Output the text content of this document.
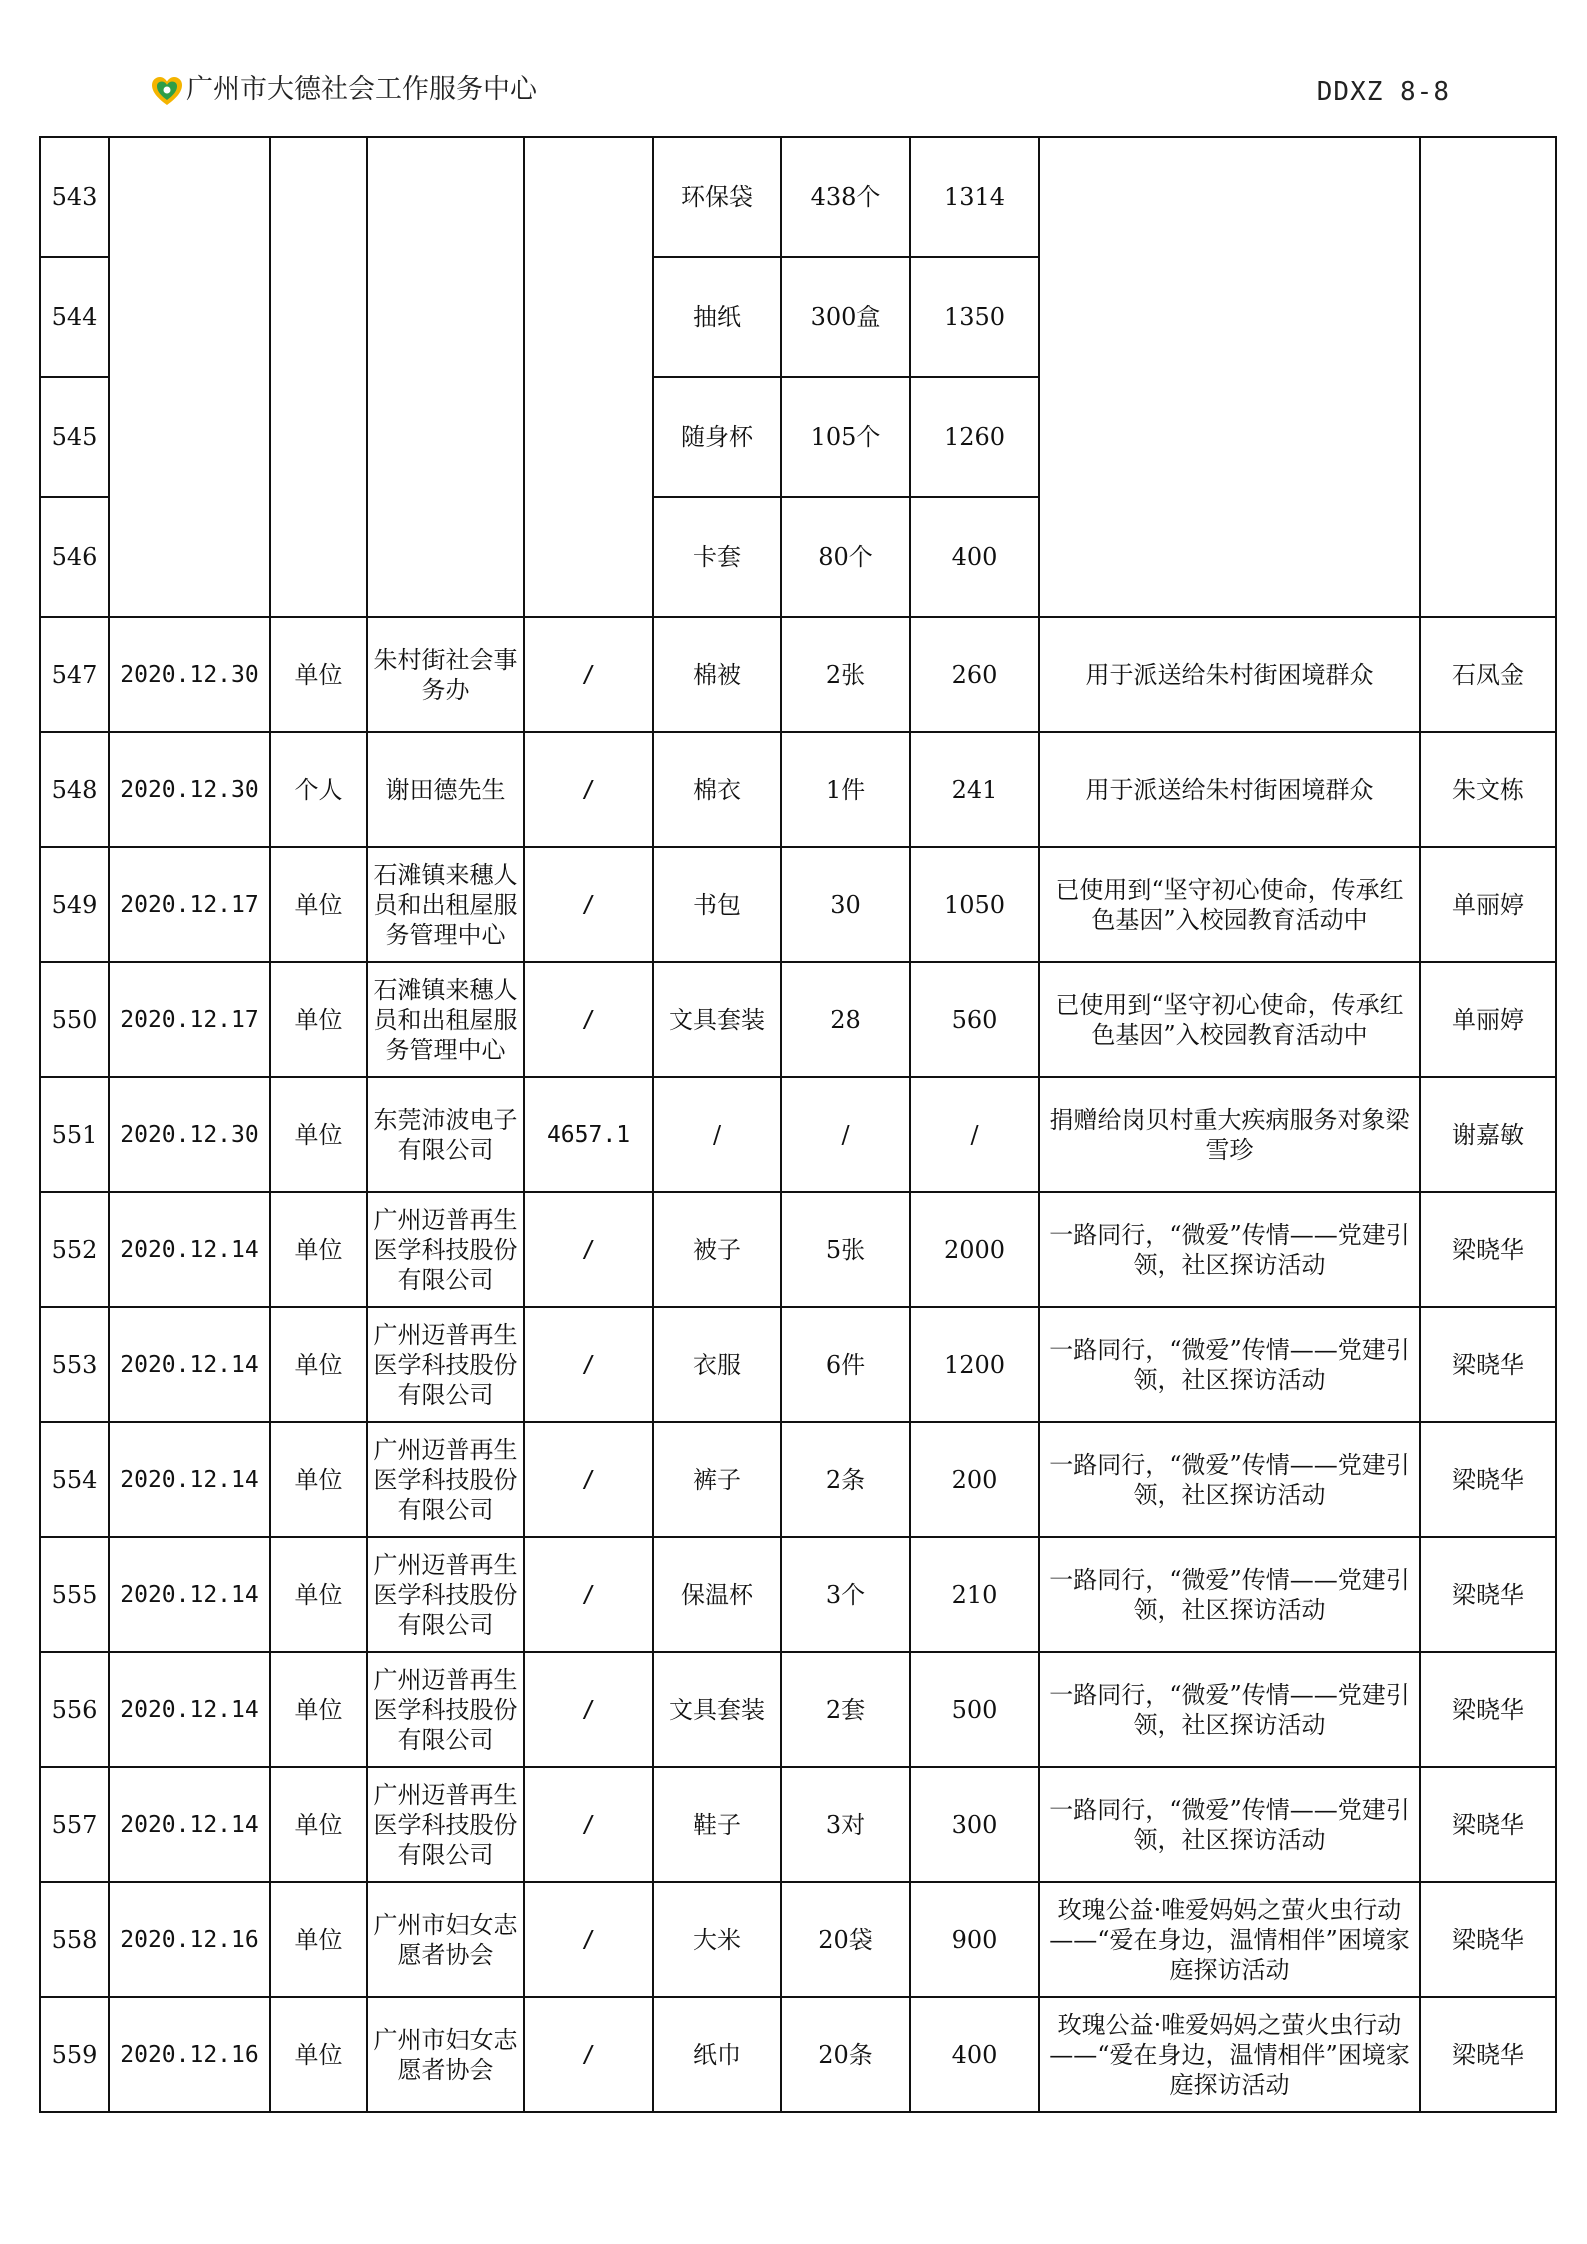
广州市大德社会工作服务中心	DDXZ 8-8
543					环保袋	438个	1314		
544					抽纸	300盒	1350		
545					随身杯	105个	1260		
546					卡套	80个	400		
547	2020.12.30	单位	朱村街社会事务办	/	棉被	2张	260	用于派送给朱村街困境群众	石凤金
548	2020.12.30	个人	谢田德先生	/	棉衣	1件	241	用于派送给朱村街困境群众	朱文栋
549	2020.12.17	单位	石滩镇来穗人员和出租屋服务管理中心	/	书包	30	1050	已使用到“坚守初心使命，传承红色基因”入校园教育活动中	单丽婷
550	2020.12.17	单位	石滩镇来穗人员和出租屋服务管理中心	/	文具套装	28	560	已使用到“坚守初心使命，传承红色基因”入校园教育活动中	单丽婷
551	2020.12.30	单位	东莞沛波电子有限公司	4657.1	/	/	/	捐赠给岗贝村重大疾病服务对象梁雪珍	谢嘉敏
552	2020.12.14	单位	广州迈普再生医学科技股份有限公司	/	被子	5张	2000	一路同行，“微爱”传情——党建引领，社区探访活动	梁晓华
553	2020.12.14	单位	广州迈普再生医学科技股份有限公司	/	衣服	6件	1200	一路同行，“微爱”传情——党建引领，社区探访活动	梁晓华
554	2020.12.14	单位	广州迈普再生医学科技股份有限公司	/	裤子	2条	200	一路同行，“微爱”传情——党建引领，社区探访活动	梁晓华
555	2020.12.14	单位	广州迈普再生医学科技股份有限公司	/	保温杯	3个	210	一路同行，“微爱”传情——党建引领，社区探访活动	梁晓华
556	2020.12.14	单位	广州迈普再生医学科技股份有限公司	/	文具套装	2套	500	一路同行，“微爱”传情——党建引领，社区探访活动	梁晓华
557	2020.12.14	单位	广州迈普再生医学科技股份有限公司	/	鞋子	3对	300	一路同行，“微爱”传情——党建引领，社区探访活动	梁晓华
558	2020.12.16	单位	广州市妇女志愿者协会	/	大米	20袋	900	玫瑰公益·唯爱妈妈之萤火虫行动——“爱在身边，温情相伴”困境家庭探访活动	梁晓华
559	2020.12.16	单位	广州市妇女志愿者协会	/	纸巾	20条	400	玫瑰公益·唯爱妈妈之萤火虫行动——“爱在身边，温情相伴”困境家庭探访活动	梁晓华
